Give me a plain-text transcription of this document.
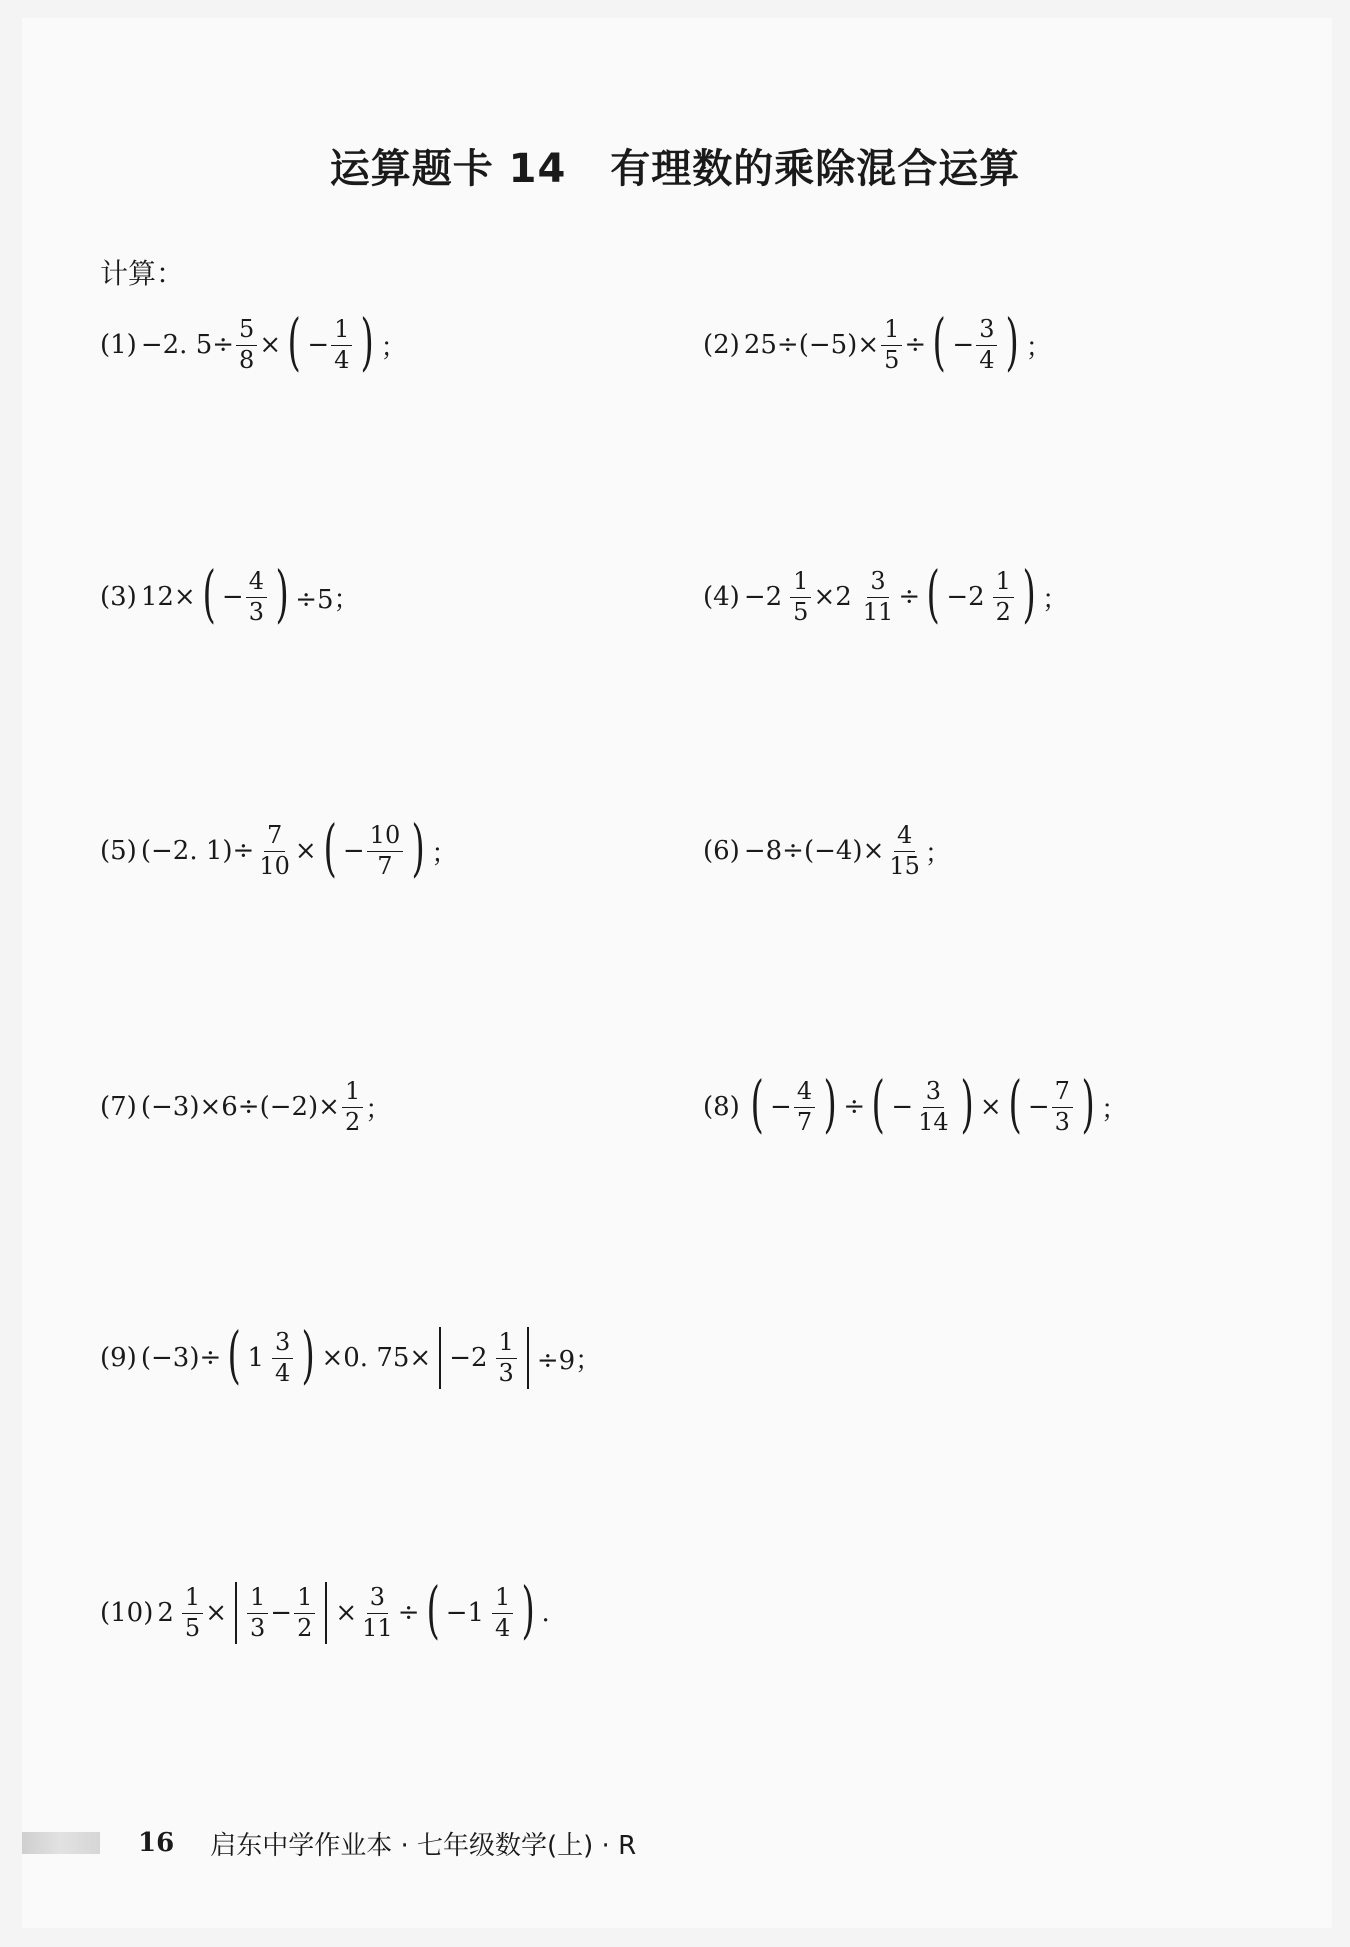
运算题卡 14 有理数的乘除混合运算
计算：
(1) −2. $5\div \frac{5}{8}$ × ( − $\frac{1}{4}$ ) ；	(2) $25\div(-5)\times \frac{1}{5}$ ÷ ( − $\frac{3}{4}$ ) ；
(3) 12× ( − $\frac{4}{3}$ ) ÷5；	$(4) -2 \frac{1}{5} \times 2 \frac{3}{11}$ ÷ ( $-2 \frac{1}{2}$ ) ；
(5) (−2. $1)\div \frac{7}{10}$ × ( − $\frac{10}{7}$ ) ；	$(6) -8\div(-4)\times \frac{4}{15}$ ；
(7) $(-3)\times 6\div(-2)\times \frac{1}{2}$ ；	(8) ( − $\frac{4}{7}$ ) ÷ ( − $\frac{3}{14}$ ) × ( − $\frac{7}{3}$ ) ；
(9) (−3)÷ ( $1 \frac{3}{4}$ ) ×0. $75\times -2 \frac{1}{3} \div 9$；
(10) $2 \frac{1}{5} \times \frac{1}{3} - \frac{1}{2} \times \frac{3}{11}$ ÷ ( $-1 \frac{1}{4}$ ) .
16 启东中学作业本 · 七年级数学(上) · R
